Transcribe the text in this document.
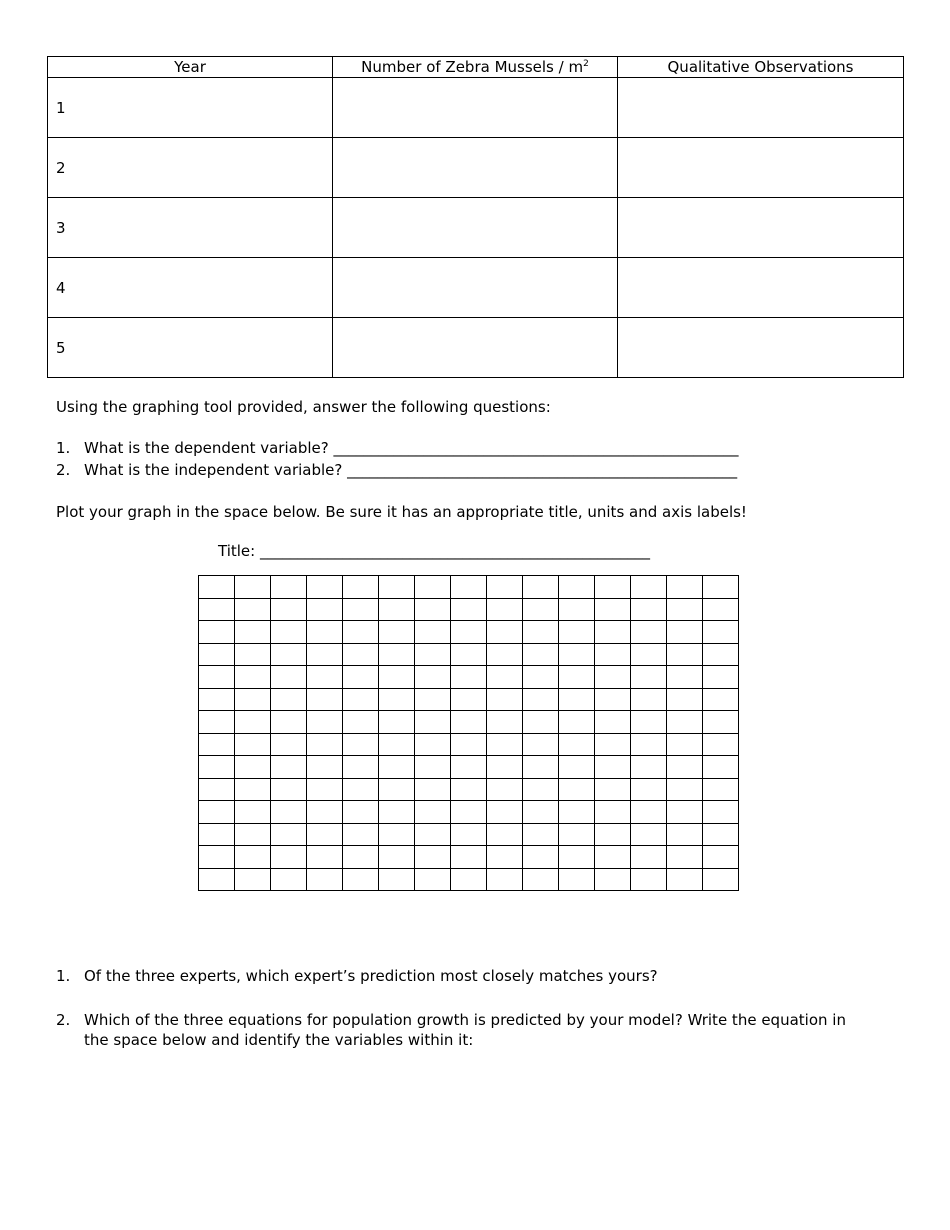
Year	Number of Zebra Mussels / $m^2$	Qualitative Observations
1		
2		
3		
4		
5		
Using the graphing tool provided, answer the following questions:
1. What is the dependent variable? ______________________________________________________
2. What is the independent variable? ____________________________________________________
Plot your graph in the space below. Be sure it has an appropriate title, units and axis labels!
Title: ____________________________________________________
1. Of the three experts, which expert’s prediction most closely matches yours?
2. Which of the three equations for population growth is predicted by your model? Write the equation in
the space below and identify the variables within it:
